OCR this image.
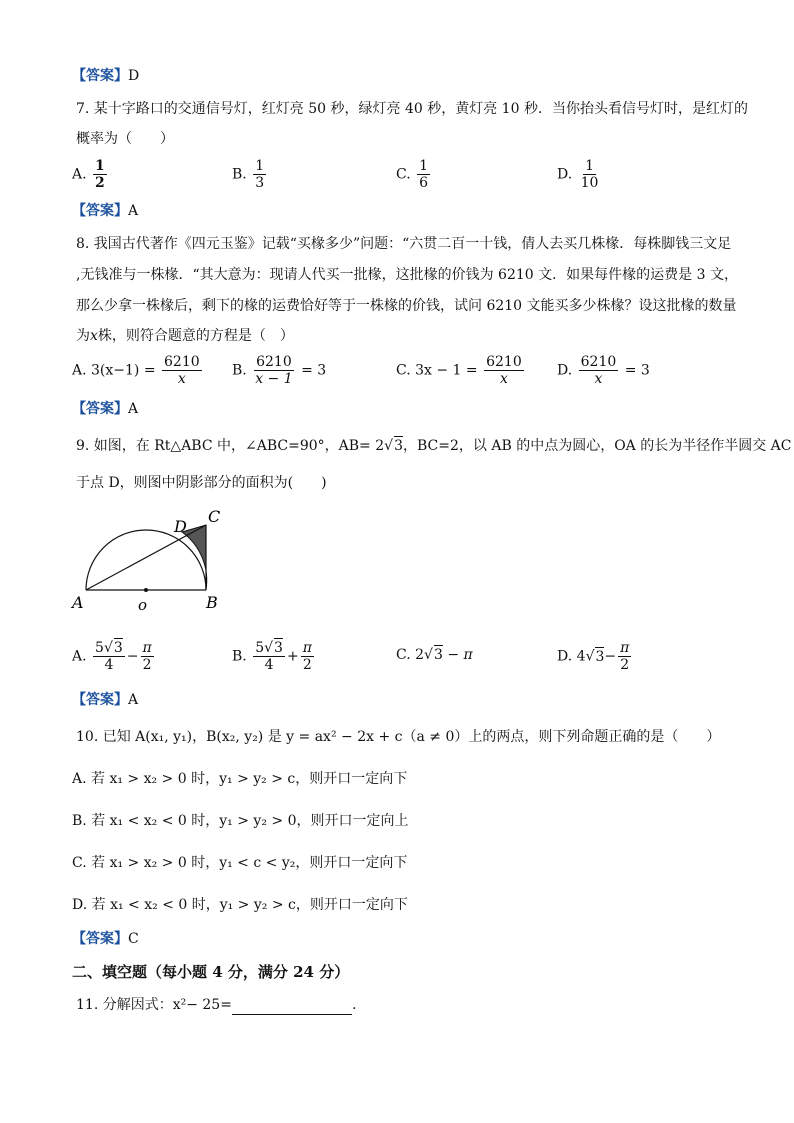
【答案】D
7. 某十字路口的交通信号灯，红灯亮 50 秒，绿灯亮 40 秒，黄灯亮 10 秒．当你抬头看信号灯时，是红灯的
概率为（　　）
A. $\frac{1}{2}$	B. $\frac{1}{3}$	C. $\frac{1}{6}$	D. $\frac{1}{10}$
【答案】A
8. 我国古代著作《四元玉鉴》记载“买椽多少”问题：“六贯二百一十钱，倩人去买几株椽．每株脚钱三文足
,无钱准与一株椽．“其大意为：现请人代买一批椽，这批椽的价钱为 6210 文．如果每件椽的运费是 3 文，
那么少拿一株椽后，剩下的椽的运费恰好等于一株椽的价钱，试问 6210 文能买多少株椽？设这批椽的数量
为x株，则符合题意的方程是（　）
A. $3(x-1) = \frac{6210}{x} B$. $\frac{6210}{x - 1} = 3$	C. $3x - 1 = \frac{6210}{x} D$. $\frac{6210}{x} = 3$
【答案】A
9. 如图，在 Rt△ABC 中，∠ABC=90°，AB= 2√3，BC=2，以 AB 的中点为圆心，OA 的长为半径作半圆交 AC
于点 D，则图中阴影部分的面积为(　　)
A	o	B
C
D
A. $\frac{5√3}{4} - \frac{\pi}{2}$	B. $\frac{5√3}{4} + \frac{\pi}{2}$	C. 2√3 − π	D. $4√3- \frac{\pi}{2}$
【答案】A
10. 已知 A(x₁, y₁)，B(x₂, y₂) 是 y = ax² − 2x + c（a ≠ 0）上的两点，则下列命题正确的是（　　）
A. 若 x₁ > x₂ > 0 时，y₁ > y₂ > c，则开口一定向下
B. 若 x₁ < x₂ < 0 时，y₁ > y₂ > 0，则开口一定向上
C. 若 x₁ > x₂ > 0 时，y₁ < c < y₂，则开口一定向下
D. 若 x₁ < x₂ < 0 时，y₁ > y₂ > c，则开口一定向下
【答案】C
二、填空题（每小题 4 分，满分 24 分）
11. 分解因式：x²− 25=	.
